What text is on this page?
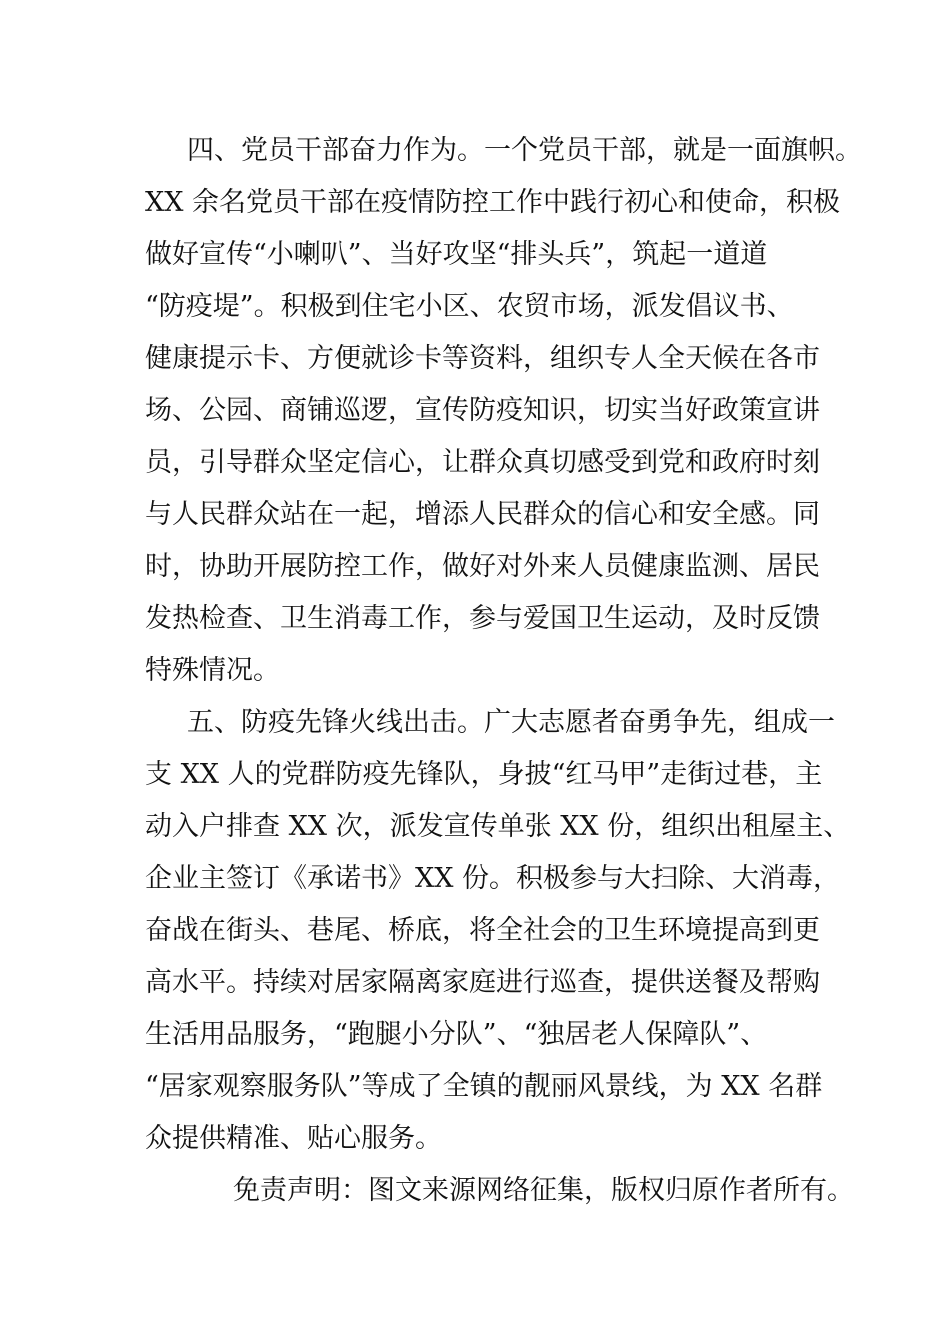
四、党员干部奋力作为。一个党员干部，就是一面旗帜。
XX 余名党员干部在疫情防控工作中践行初心和使命，积极
做好宣传“小喇叭”、当好攻坚“排头兵”，筑起一道道
“防疫堤”。积极到住宅小区、农贸市场，派发倡议书、
健康提示卡、方便就诊卡等资料，组织专人全天候在各市
场、公园、商铺巡逻，宣传防疫知识，切实当好政策宣讲
员，引导群众坚定信心，让群众真切感受到党和政府时刻
与人民群众站在一起，增添人民群众的信心和安全感。同
时，协助开展防控工作，做好对外来人员健康监测、居民
发热检查、卫生消毒工作，参与爱国卫生运动，及时反馈
特殊情况。
五、防疫先锋火线出击。广大志愿者奋勇争先，组成一
支 XX 人的党群防疫先锋队，身披“红马甲”走街过巷，主
动入户排查 XX 次，派发宣传单张 XX 份，组织出租屋主、
企业主签订《承诺书》XX 份。积极参与大扫除、大消毒，
奋战在街头、巷尾、桥底，将全社会的卫生环境提高到更
高水平。持续对居家隔离家庭进行巡查，提供送餐及帮购
生活用品服务，“跑腿小分队”、“独居老人保障队”、
“居家观察服务队”等成了全镇的靓丽风景线，为 XX 名群
众提供精准、贴心服务。
免责声明：图文来源网络征集，版权归原作者所有。
